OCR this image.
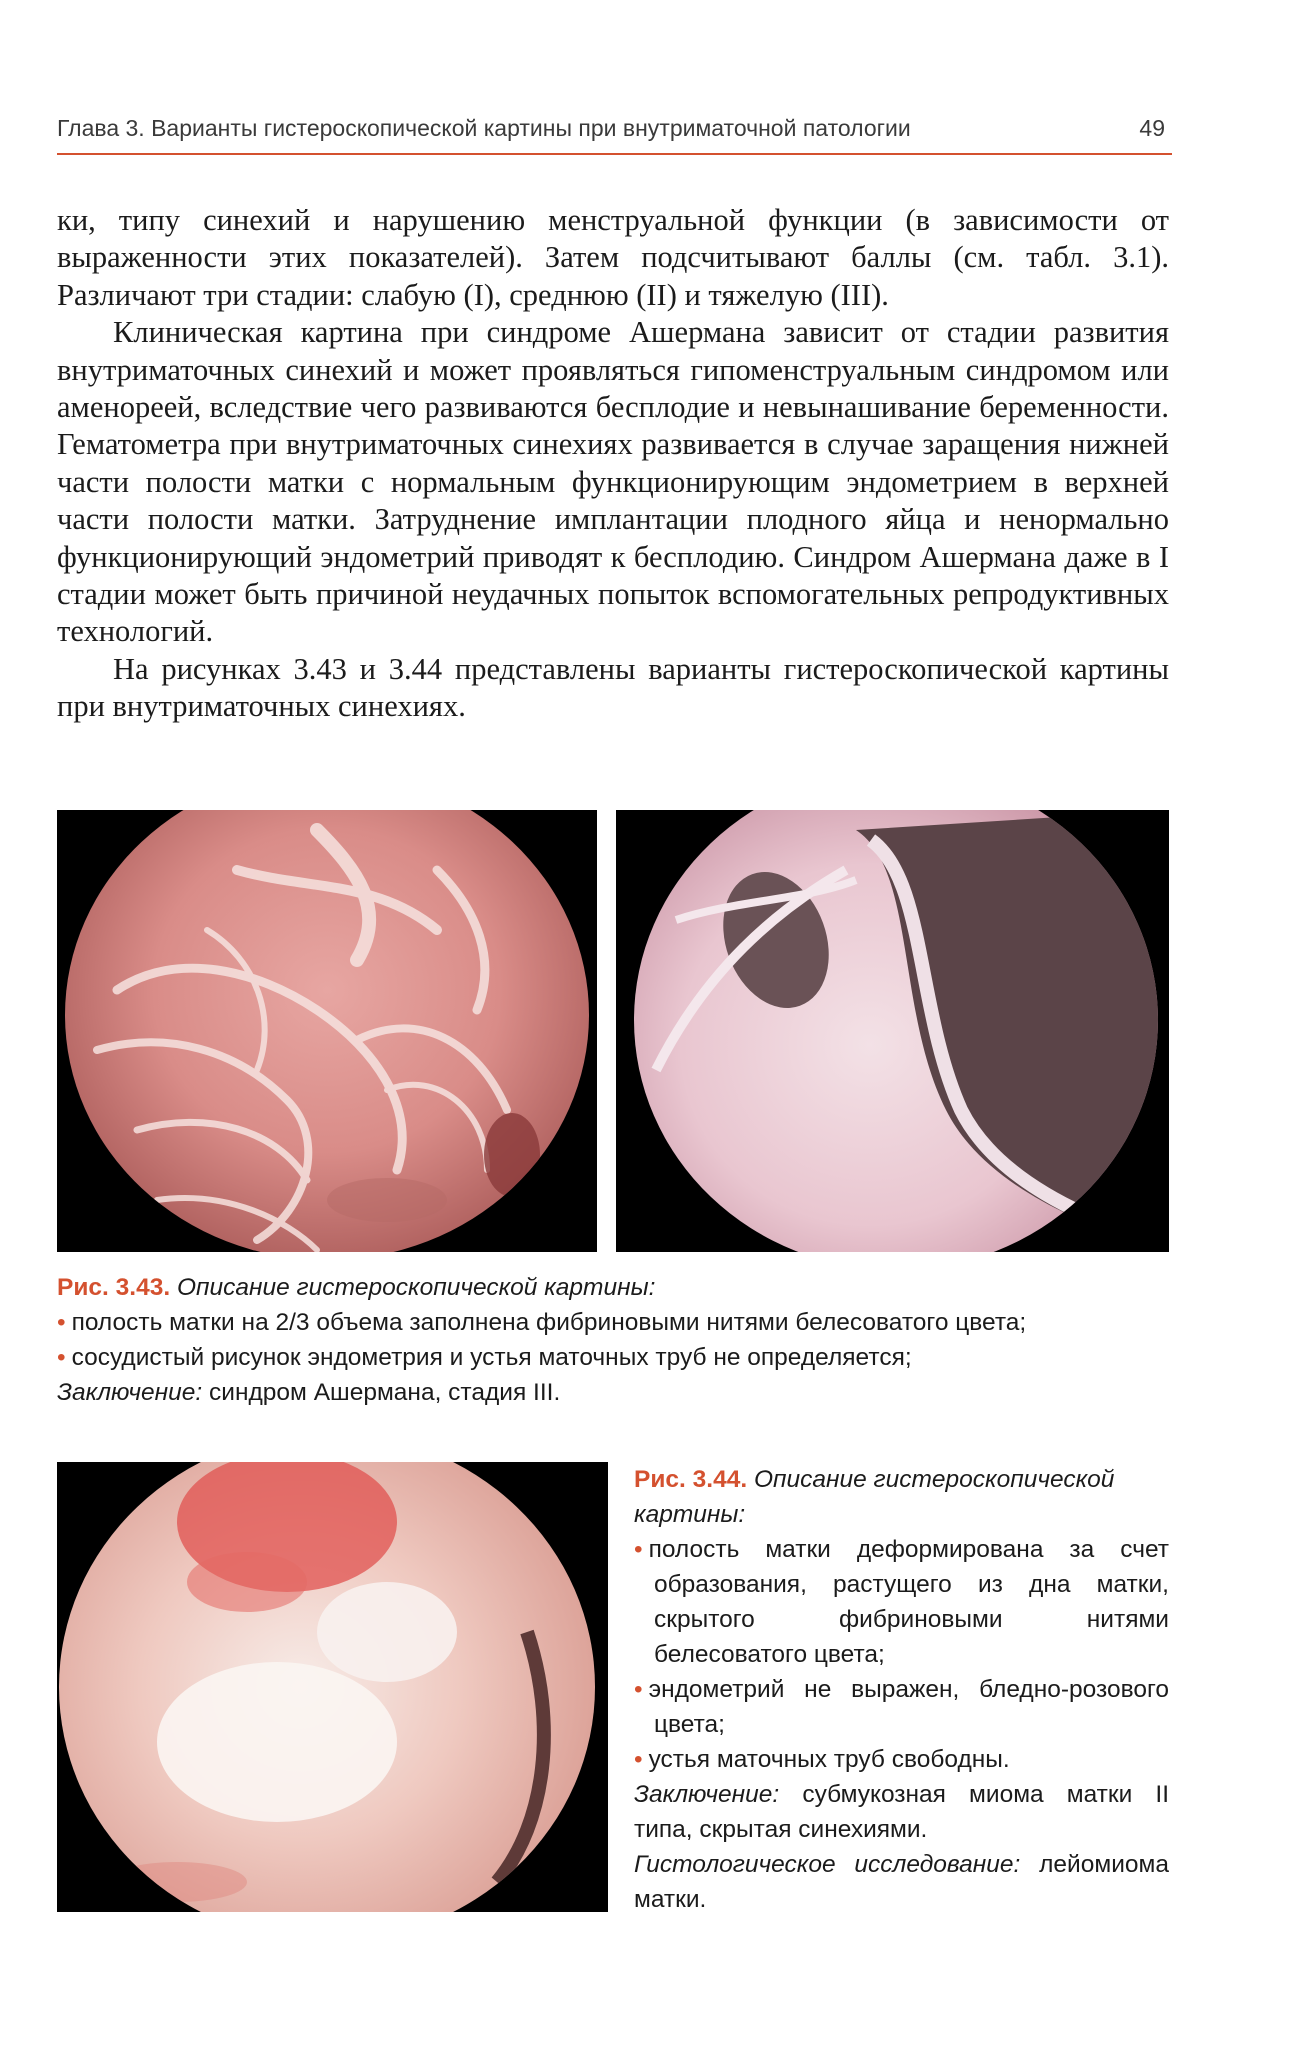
Глава 3. Варианты гистероскопической картины при внутриматочной патологии	49

ки, типу синехий и нарушению менструальной функции (в зависимости от выраженности этих показателей). Затем подсчитывают баллы (см. табл. 3.1). Различают три стадии: слабую (I), среднюю (II) и тяжелую (III).

Клиническая картина при синдроме Ашермана зависит от стадии развития внутриматочных синехий и может проявляться гипоменструальным синдромом или аменореей, вследствие чего развиваются бесплодие и невынашивание беременности. Гематометра при внутриматочных синехиях развивается в случае заращения нижней части полости матки с нормальным функционирующим эндометрием в верхней части полости матки. Затруднение имплантации плодного яйца и ненормально функционирующий эндометрий приводят к бесплодию. Синдром Ашермана даже в I стадии может быть причиной неудачных попыток вспомогательных репродуктивных технологий.

На рисунках 3.43 и 3.44 представлены варианты гистероскопической картины при внутриматочных синехиях.

Рис. 3.43. Описание гистероскопической картины:
• полость матки на 2/3 объема заполнена фибриновыми нитями белесоватого цвета;
• сосудистый рисунок эндометрия и устья маточных труб не определяется;
Заключение: синдром Ашермана, стадия III.
Рис. 3.44. Описание гистероскопической картины:
• полость матки деформирована за счет образования, растущего из дна матки, скрытого фибриновыми нитями белесоватого цвета;
• эндометрий не выражен, бледно-розового цвета;
• устья маточных труб свободны.
Заключение: субмукозная миома матки II типа, скрытая синехиями.
Гистологическое исследование: лейомиома матки.
